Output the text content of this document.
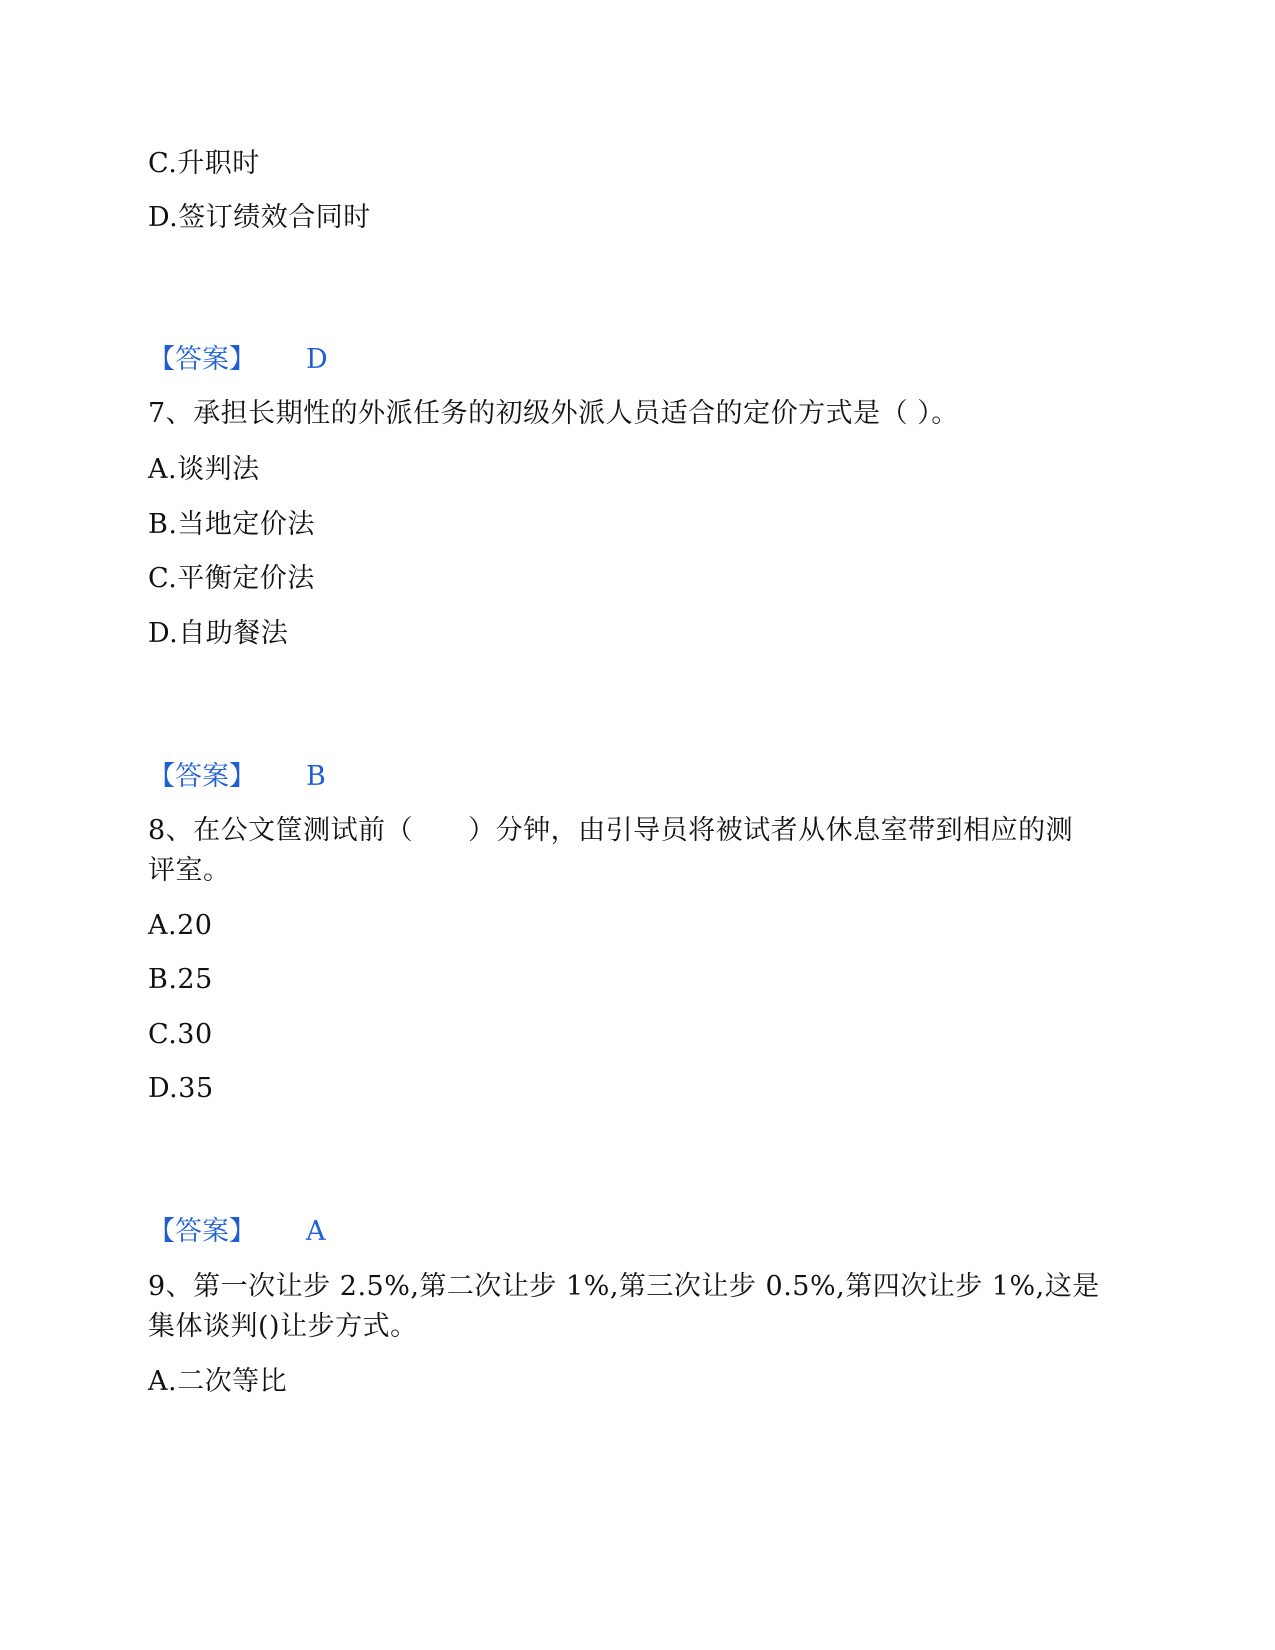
C.升职时
D.签订绩效合同时
【答案】 D
7、承担长期性的外派任务的初级外派人员适合的定价方式是（ ）。
A.谈判法
B.当地定价法
C.平衡定价法
D.自助餐法
【答案】 B
8、在公文筐测试前（　　）分钟，由引导员将被试者从休息室带到相应的测
评室。
A.20
B.25
C.30
D.35
【答案】 A
9、第一次让步 2.5%,第二次让步 1%,第三次让步 0.5%,第四次让步 1%,这是
集体谈判()让步方式。
A.二次等比
